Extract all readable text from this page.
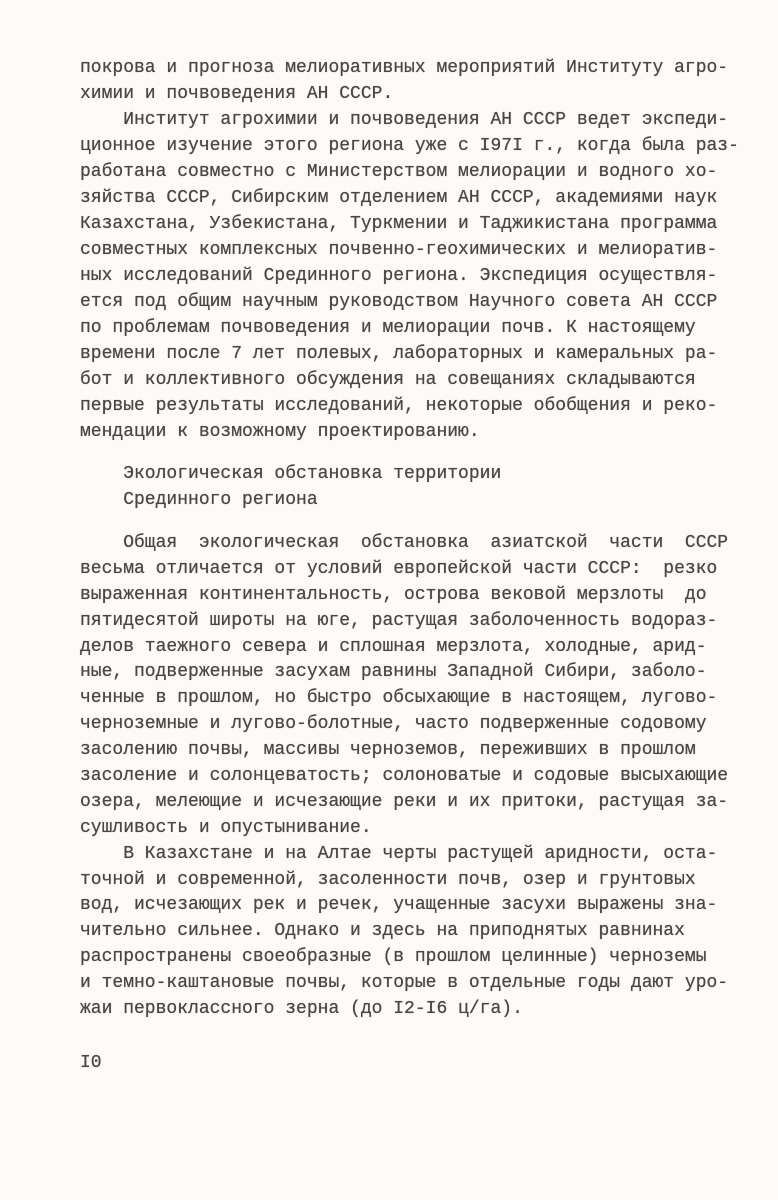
покрова и прогноза мелиоративных мероприятий Институту агро-
химии и почвоведения АН СССР.
Институт агрохимии и почвоведения АН СССР ведет экспеди-
ционное изучение этого региона уже с I97I г., когда была раз-
работана совместно с Министерством мелиорации и водного хо-
зяйства СССР, Сибирским отделением АН СССР, академиями наук
Казахстана, Узбекистана, Туркмении и Таджикистана программа
совместных комплексных почвенно-геохимических и мелиоратив-
ных исследований Срединного региона. Экспедиция осуществля-
ется под общим научным руководством Научного совета АН СССР
по проблемам почвоведения и мелиорации почв. К настоящему
времени после 7 лет полевых, лабораторных и камеральных ра-
бот и коллективного обсуждения на совещаниях складываются
первые результаты исследований, некоторые обобщения и реко-
мендации к возможному проектированию.
Экологическая обстановка территории
Срединного региона
Общая  экологическая  обстановка  азиатской  части  СССР
весьма отличается от условий европейской части СССР:  резко
выраженная континентальность, острова вековой мерзлоты  до
пятидесятой широты на юге, растущая заболоченность водораз-
делов таежного севера и сплошная мерзлота, холодные, арид-
ные, подверженные засухам равнины Западной Сибири, заболо-
ченные в прошлом, но быстро обсыхающие в настоящем, лугово-
черноземные и лугово-болотные, часто подверженные содовому
засолению почвы, массивы черноземов, переживших в прошлом
засоление и солонцеватость; солоноватые и содовые высыхающие
озера, мелеющие и исчезающие реки и их притоки, растущая за-
сушливость и опустынивание.
В Казахстане и на Алтае черты растущей аридности, оста-
точной и современной, засоленности почв, озер и грунтовых
вод, исчезающих рек и речек, учащенные засухи выражены зна-
чительно сильнее. Однако и здесь на приподнятых равнинах
распространены своеобразные (в прошлом целинные) черноземы
и темно-каштановые почвы, которые в отдельные годы дают уро-
жаи первоклассного зерна (до I2-I6 ц/га).
I0
